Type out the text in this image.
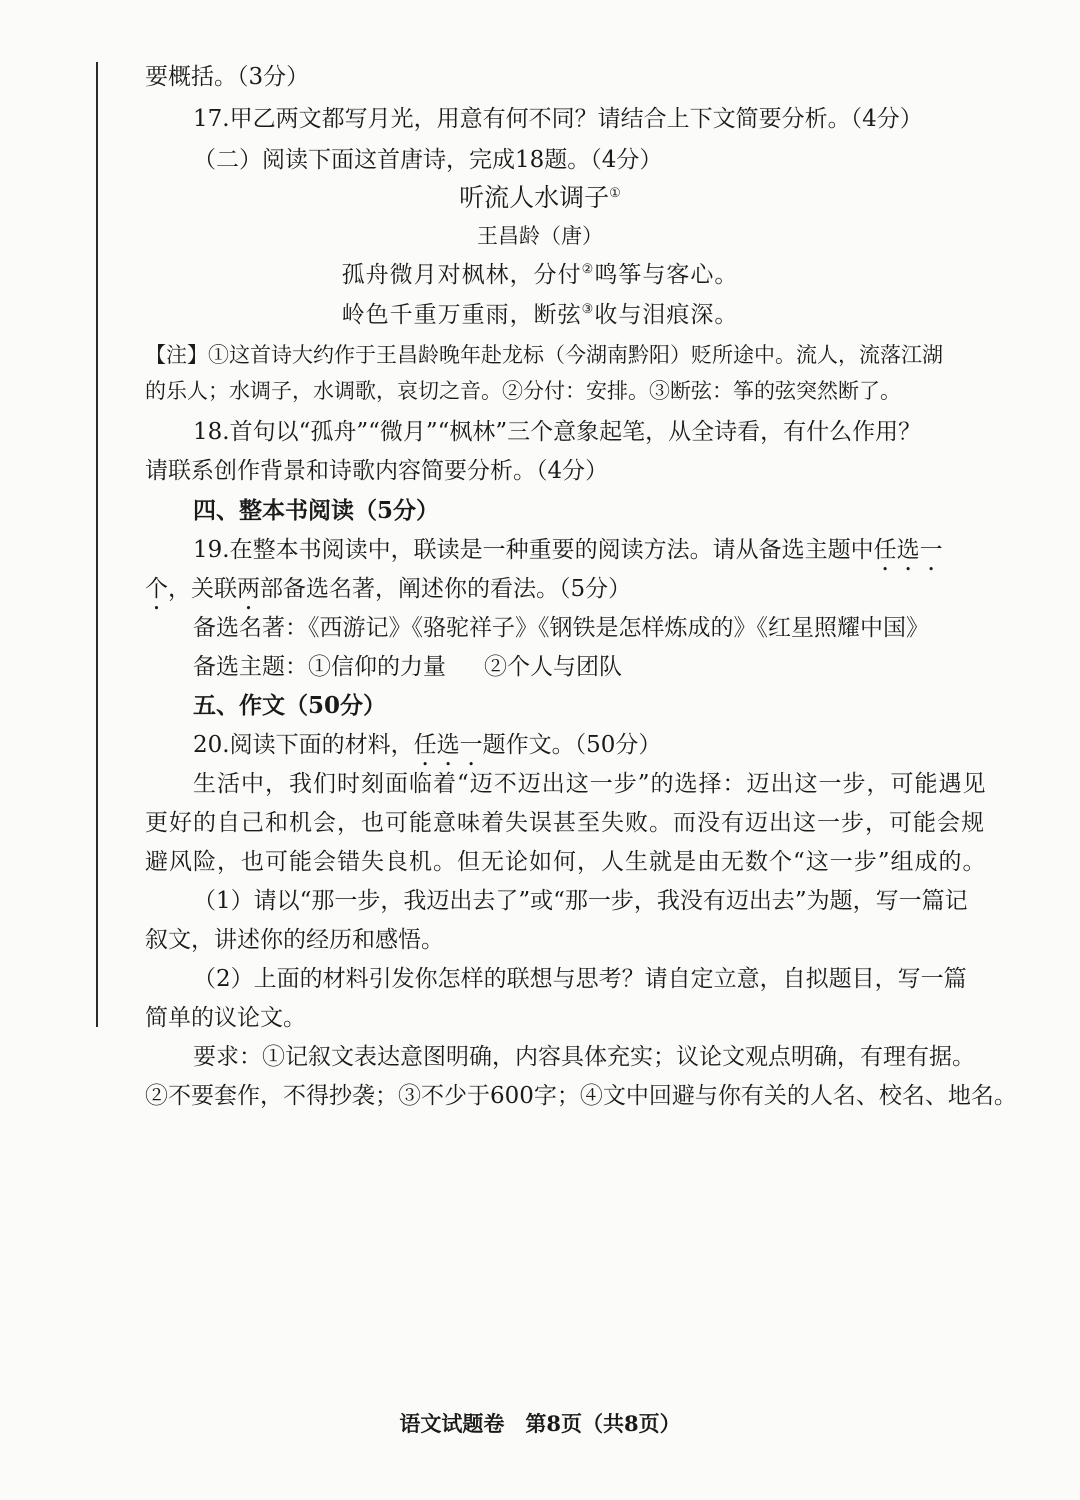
要概括。（3分）
17.甲乙两文都写月光，用意有何不同？请结合上下文简要分析。（4分）
（二）阅读下面这首唐诗，完成18题。（4分）
听流人水调子①
王昌龄（唐）
孤舟微月对枫林，分付②鸣筝与客心。
岭色千重万重雨，断弦③收与泪痕深。
【注】①这首诗大约作于王昌龄晚年赴龙标（今湖南黔阳）贬所途中。流人，流落江湖
的乐人；水调子，水调歌，哀切之音。②分付：安排。③断弦：筝的弦突然断了。
18.首句以“孤舟”“微月”“枫林”三个意象起笔，从全诗看，有什么作用？
请联系创作背景和诗歌内容简要分析。（4分）
四、整本书阅读（5分）
19.在整本书阅读中，联读是一种重要的阅读方法。请从备选主题中任选一
个，关联两部备选名著，阐述你的看法。（5分）
备选名著：《西游记》《骆驼祥子》《钢铁是怎样炼成的》《红星照耀中国》
备选主题：①信仰的力量 ②个人与团队
五、作文（50分）
20.阅读下面的材料，任选一题作文。（50分）
生活中，我们时刻面临着“迈不迈出这一步”的选择：迈出这一步，可能遇见
更好的自己和机会，也可能意味着失误甚至失败。而没有迈出这一步，可能会规
避风险，也可能会错失良机。但无论如何，人生就是由无数个“这一步”组成的。
（1）请以“那一步，我迈出去了”或“那一步，我没有迈出去”为题，写一篇记
叙文，讲述你的经历和感悟。
（2）上面的材料引发你怎样的联想与思考？请自定立意，自拟题目，写一篇
简单的议论文。
要求：①记叙文表达意图明确，内容具体充实；议论文观点明确，有理有据。
②不要套作，不得抄袭；③不少于600字；④文中回避与你有关的人名、校名、地名。
语文试题卷　第8页（共8页）
